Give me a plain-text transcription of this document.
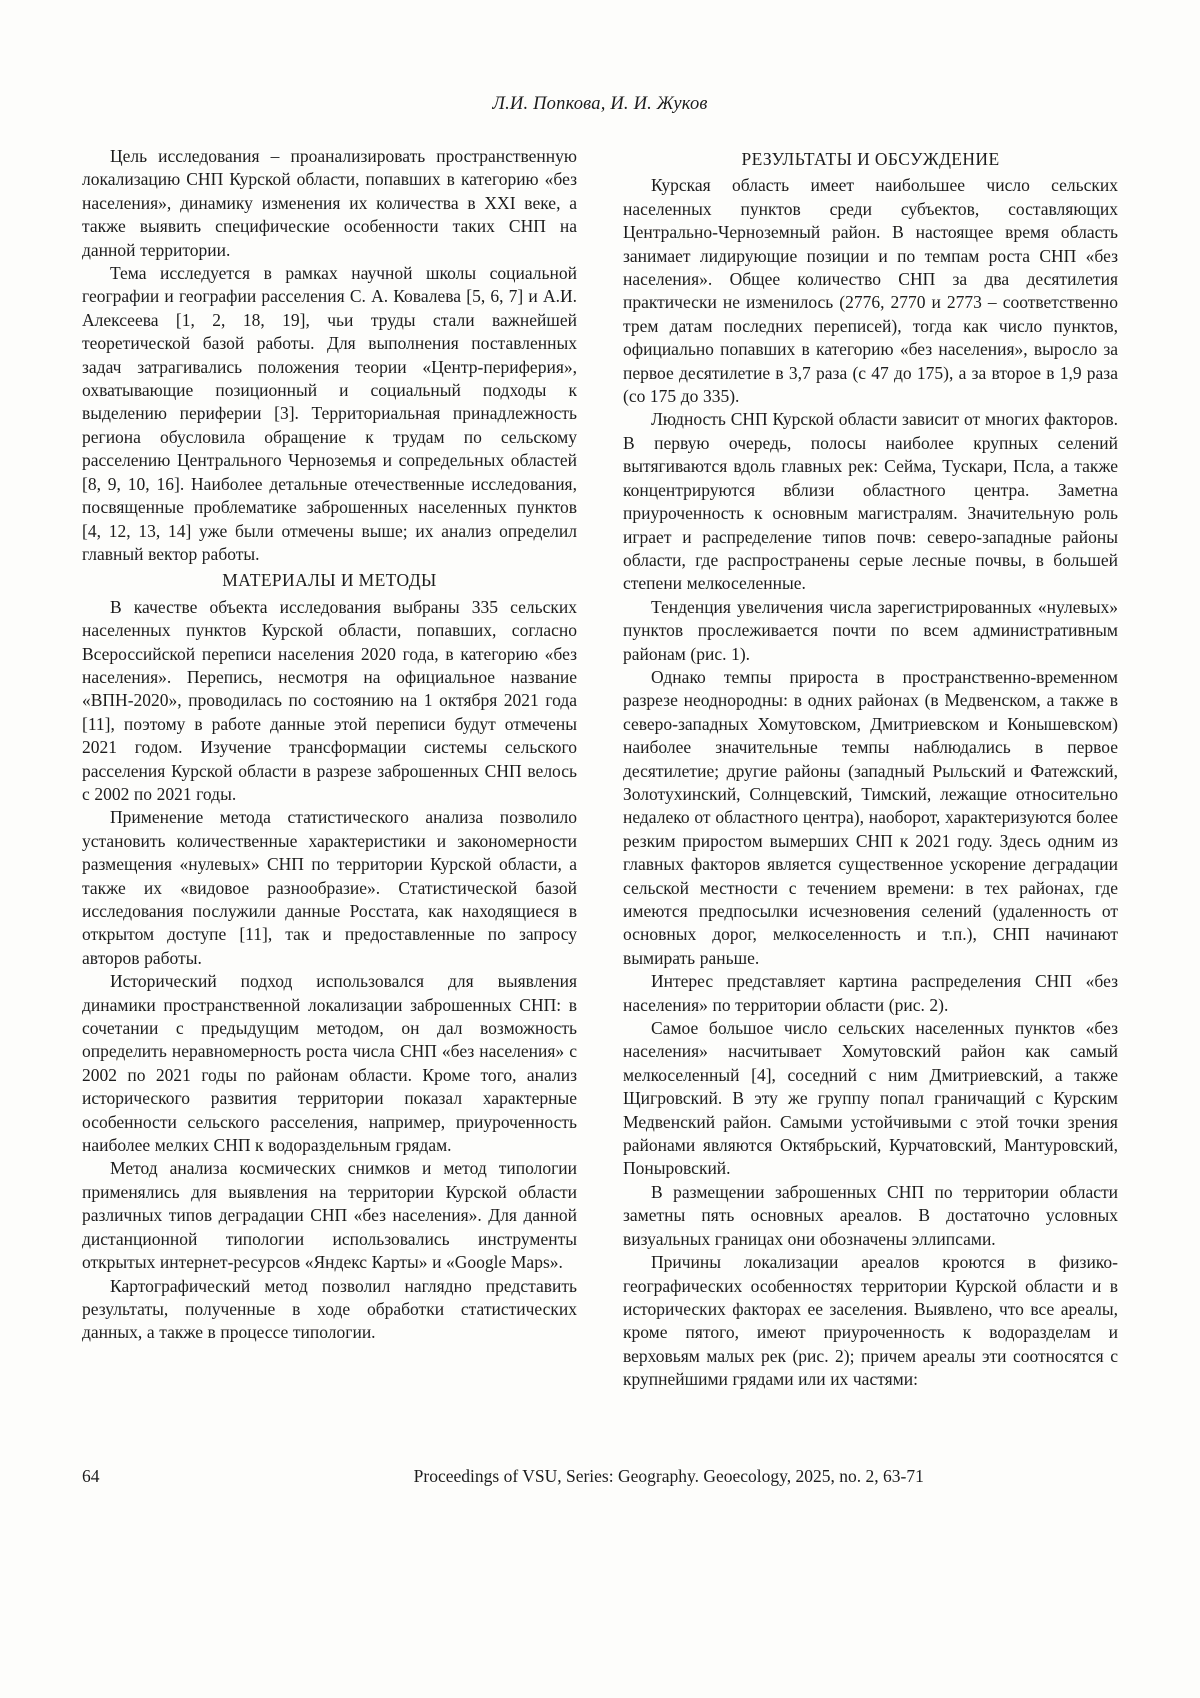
Л.И. Попкова, И. И. Жуков

Цель исследования – проанализировать пространственную локализацию СНП Курской области, попавших в категорию «без населения», динамику изменения их количества в XXI веке, а также выявить специфические особенности таких СНП на данной территории.

Тема исследуется в рамках научной школы социальной географии и географии расселения С. А. Ковалева [5, 6, 7] и А.И. Алексеева [1, 2, 18, 19], чьи труды стали важнейшей теоретической базой работы. Для выполнения поставленных задач затрагивались положения теории «Центр-периферия», охватывающие позиционный и социальный подходы к выделению периферии [3]. Территориальная принадлежность региона обусловила обращение к трудам по сельскому расселению Центрального Черноземья и сопредельных областей [8, 9, 10, 16]. Наиболее детальные отечественные исследования, посвященные проблематике заброшенных населенных пунктов [4, 12, 13, 14] уже были отмечены выше; их анализ определил главный вектор работы.

МАТЕРИАЛЫ И МЕТОДЫ

В качестве объекта исследования выбраны 335 сельских населенных пунктов Курской области, попавших, согласно Всероссийской переписи населения 2020 года, в категорию «без населения». Перепись, несмотря на официальное название «ВПН-2020», проводилась по состоянию на 1 октября 2021 года [11], поэтому в работе данные этой переписи будут отмечены 2021 годом. Изучение трансформации системы сельского расселения Курской области в разрезе заброшенных СНП велось с 2002 по 2021 годы.

Применение метода статистического анализа позволило установить количественные характеристики и закономерности размещения «нулевых» СНП по территории Курской области, а также их «видовое разнообразие». Статистической базой исследования послужили данные Росстата, как находящиеся в открытом доступе [11], так и предоставленные по запросу авторов работы.

Исторический подход использовался для выявления динамики пространственной локализации заброшенных СНП: в сочетании с предыдущим методом, он дал возможность определить неравномерность роста числа СНП «без населения» с 2002 по 2021 годы по районам области. Кроме того, анализ исторического развития территории показал характерные особенности сельского расселения, например, приуроченность наиболее мелких СНП к водораздельным грядам.

Метод анализа космических снимков и метод типологии применялись для выявления на территории Курской области различных типов деградации СНП «без населения». Для данной дистанционной типологии использовались инструменты открытых интернет-ресурсов «Яндекс Карты» и «Google Maps».

Картографический метод позволил наглядно представить результаты, полученные в ходе обработки статистических данных, а также в процессе типологии.

РЕЗУЛЬТАТЫ И ОБСУЖДЕНИЕ

Курская область имеет наибольшее число сельских населенных пунктов среди субъектов, составляющих Центрально-Черноземный район. В настоящее время область занимает лидирующие позиции и по темпам роста СНП «без населения». Общее количество СНП за два десятилетия практически не изменилось (2776, 2770 и 2773 – соответственно трем датам последних переписей), тогда как число пунктов, официально попавших в категорию «без населения», выросло за первое десятилетие в 3,7 раза (с 47 до 175), а за второе в 1,9 раза (со 175 до 335).

Людность СНП Курской области зависит от многих факторов. В первую очередь, полосы наиболее крупных селений вытягиваются вдоль главных рек: Сейма, Тускари, Псла, а также концентрируются вблизи областного центра. Заметна приуроченность к основным магистралям. Значительную роль играет и распределение типов почв: северо-западные районы области, где распространены серые лесные почвы, в большей степени мелкоселенные.

Тенденция увеличения числа зарегистрированных «нулевых» пунктов прослеживается почти по всем административным районам (рис. 1).

Однако темпы прироста в пространственно-временном разрезе неоднородны: в одних районах (в Медвенском, а также в северо-западных Хомутовском, Дмитриевском и Конышевском) наиболее значительные темпы наблюдались в первое десятилетие; другие районы (западный Рыльский и Фатежский, Золотухинский, Солнцевский, Тимский, лежащие относительно недалеко от областного центра), наоборот, характеризуются более резким приростом вымерших СНП к 2021 году. Здесь одним из главных факторов является существенное ускорение деградации сельской местности с течением времени: в тех районах, где имеются предпосылки исчезновения селений (удаленность от основных дорог, мелкоселенность и т.п.), СНП начинают вымирать раньше.

Интерес представляет картина распределения СНП «без населения» по территории области (рис. 2).

Самое большое число сельских населенных пунктов «без населения» насчитывает Хомутовский район как самый мелкоселенный [4], соседний с ним Дмитриевский, а также Щигровский. В эту же группу попал граничащий с Курским Медвенский район. Самыми устойчивыми с этой точки зрения районами являются Октябрьский, Курчатовский, Мантуровский, Поныровский.

В размещении заброшенных СНП по территории области заметны пять основных ареалов. В достаточно условных визуальных границах они обозначены эллипсами.

Причины локализации ареалов кроются в физико-географических особенностях территории Курской области и в исторических факторах ее заселения. Выявлено, что все ареалы, кроме пятого, имеют приуроченность к водоразделам и верховьям малых рек (рис. 2); причем ареалы эти соотносятся с крупнейшими грядами или их частями:

64	Proceedings of VSU, Series: Geography. Geoecology, 2025, no. 2, 63-71
